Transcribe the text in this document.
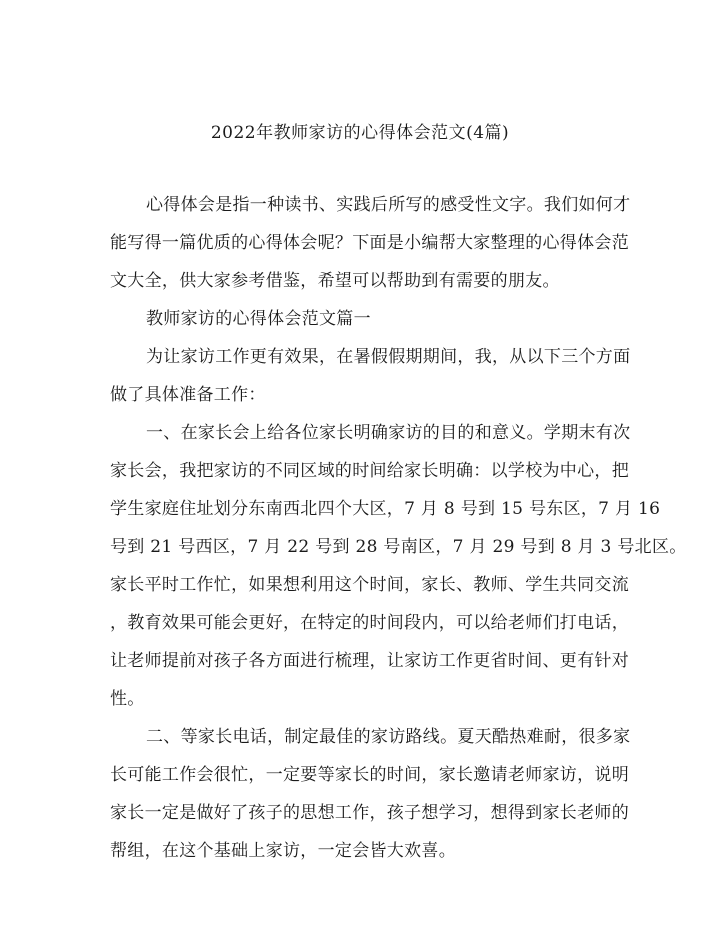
2022年教师家访的心得体会范文(4篇)
心得体会是指一种读书、实践后所写的感受性文字。我们如何才
能写得一篇优质的心得体会呢？下面是小编帮大家整理的心得体会范
文大全，供大家参考借鉴，希望可以帮助到有需要的朋友。
教师家访的心得体会范文篇一
为让家访工作更有效果，在暑假假期期间，我，从以下三个方面
做了具体准备工作：
一、在家长会上给各位家长明确家访的目的和意义。学期末有次
家长会，我把家访的不同区域的时间给家长明确：以学校为中心，把
学生家庭住址划分东南西北四个大区，7 月 8 号到 15 号东区，7 月 16
号到 21 号西区，7 月 22 号到 28 号南区，7 月 29 号到 8 月 3 号北区。
家长平时工作忙，如果想利用这个时间，家长、教师、学生共同交流
，教育效果可能会更好，在特定的时间段内，可以给老师们打电话，
让老师提前对孩子各方面进行梳理，让家访工作更省时间、更有针对
性。
二、等家长电话，制定最佳的家访路线。夏天酷热难耐，很多家
长可能工作会很忙，一定要等家长的时间，家长邀请老师家访，说明
家长一定是做好了孩子的思想工作，孩子想学习，想得到家长老师的
帮组，在这个基础上家访，一定会皆大欢喜。
